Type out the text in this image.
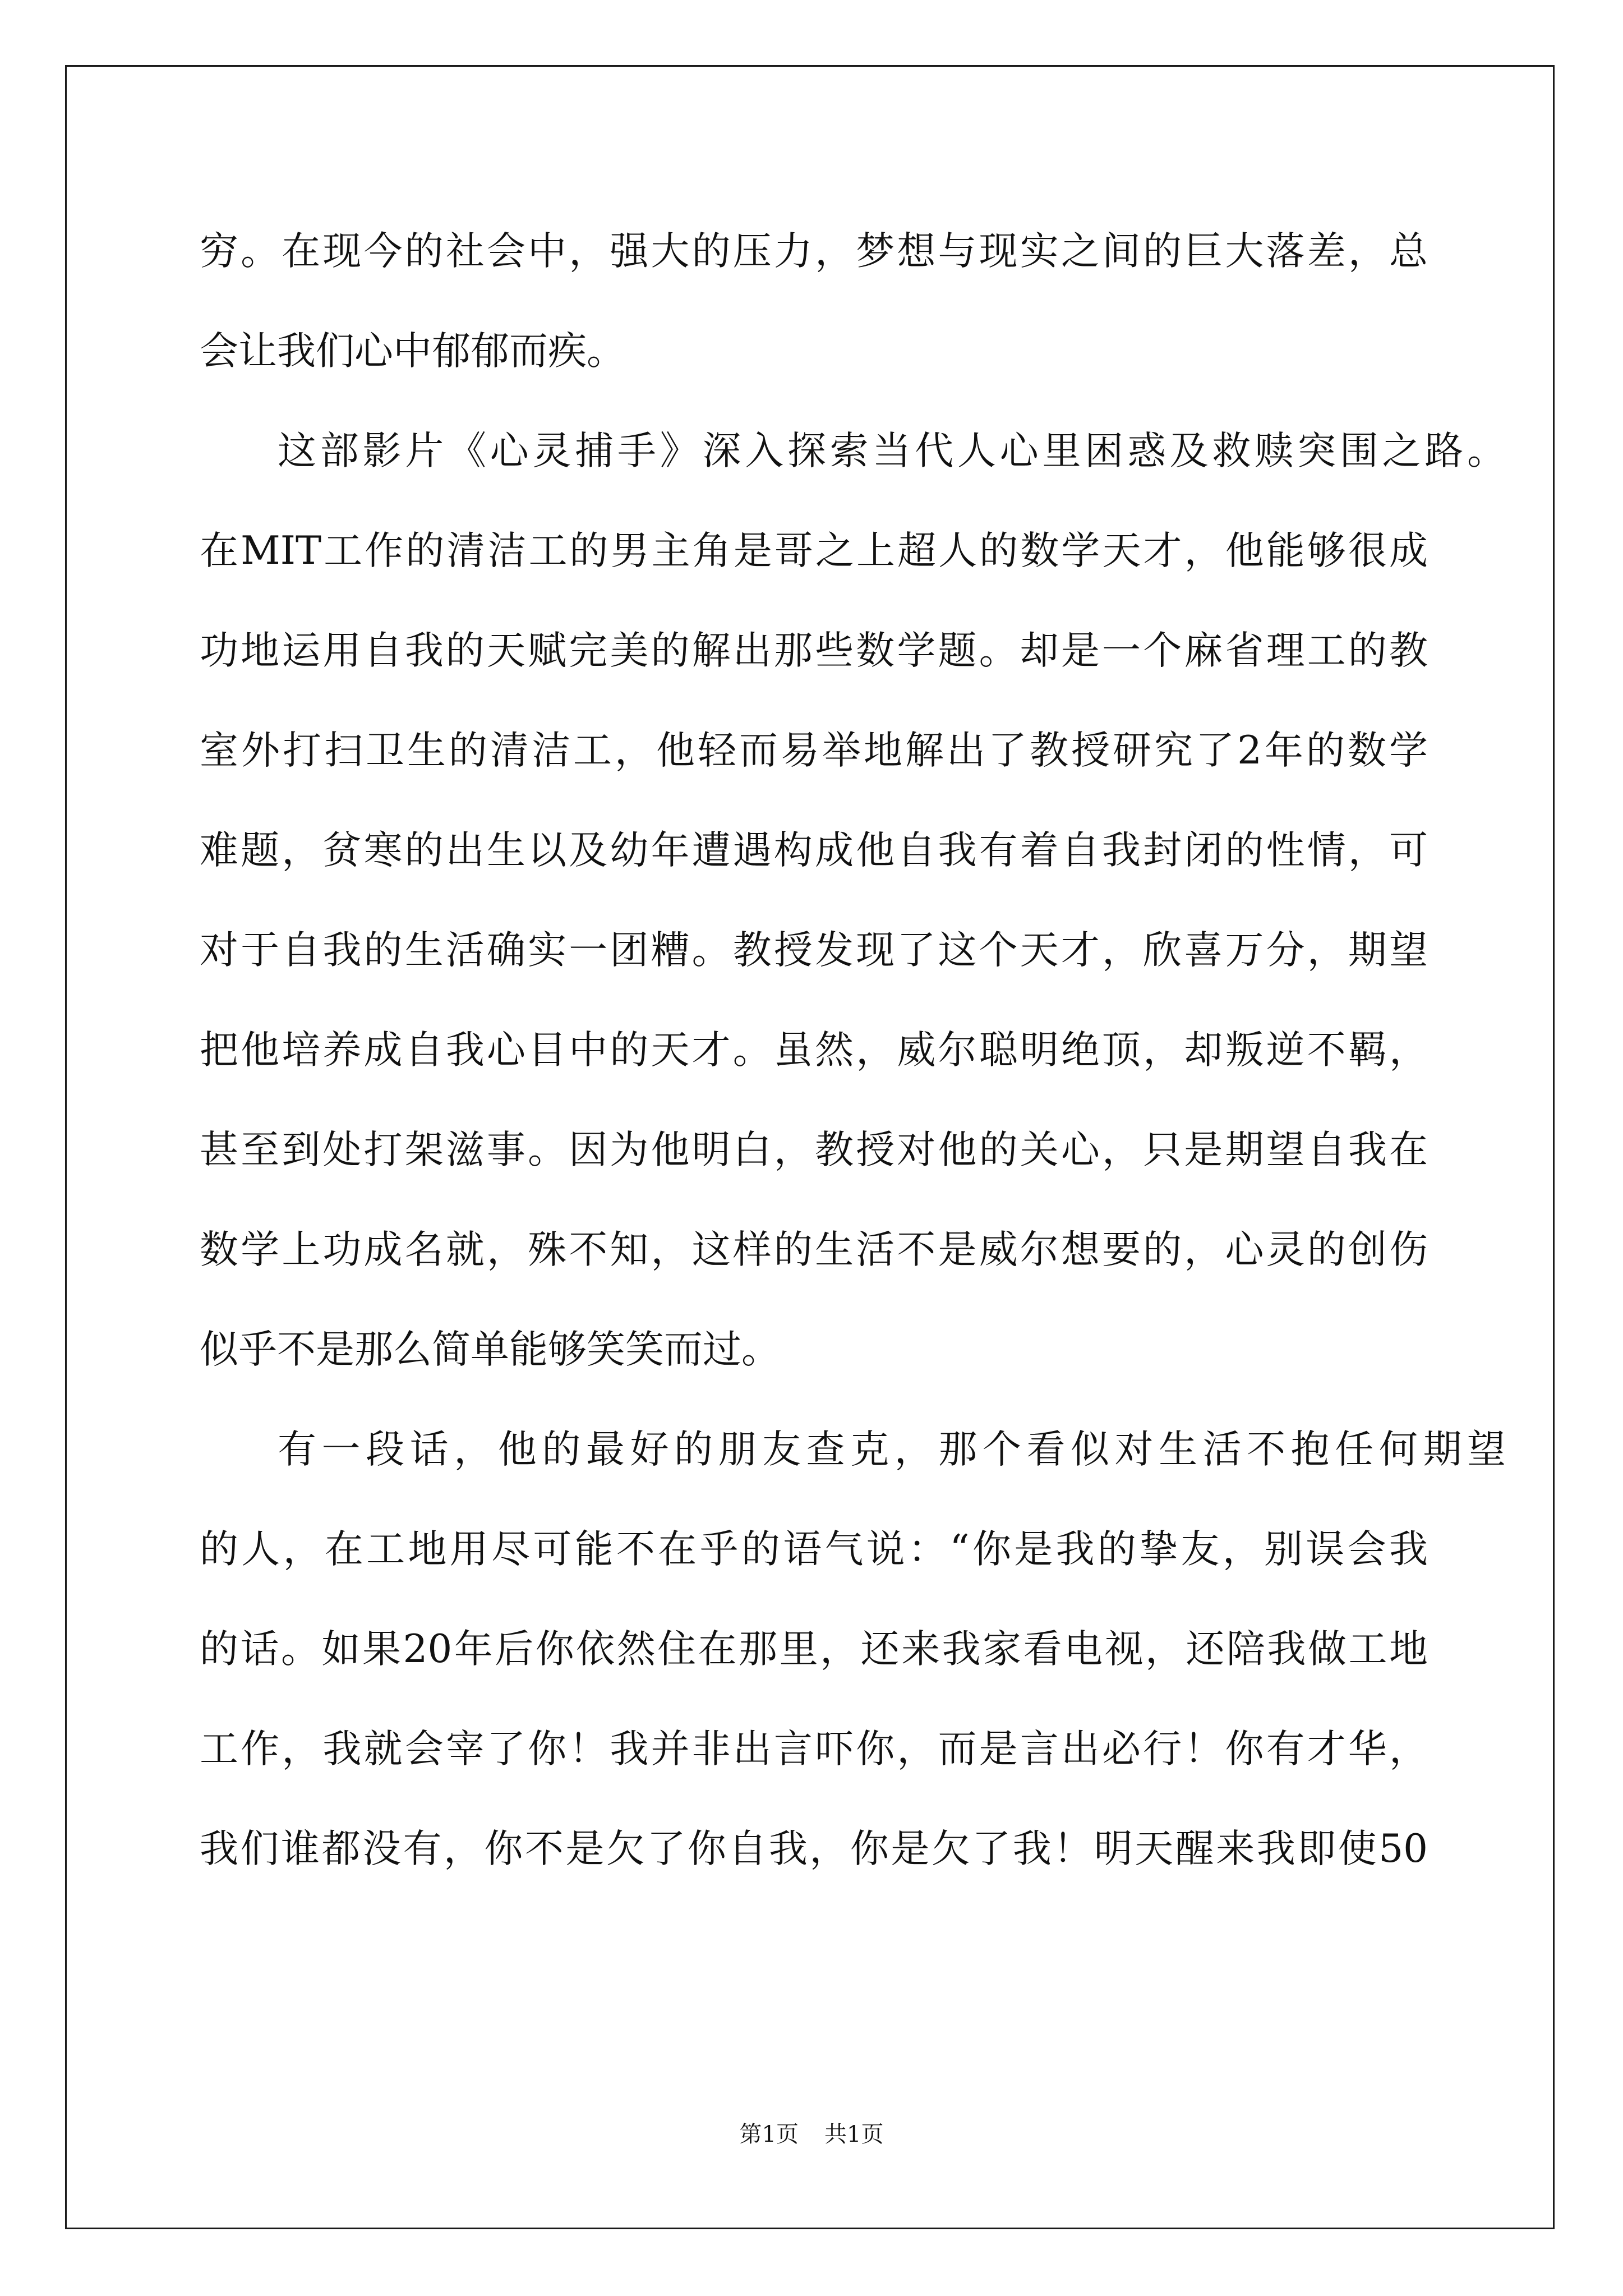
穷。在现今的社会中，强大的压力，梦想与现实之间的巨大落差，总
会让我们心中郁郁而疾。
这部影片《心灵捕手》深入探索当代人心里困惑及救赎突围之路。
在MIT工作的清洁工的男主角是哥之上超人的数学天才，他能够很成
功地运用自我的天赋完美的解出那些数学题。却是一个麻省理工的教
室外打扫卫生的清洁工，他轻而易举地解出了教授研究了2年的数学
难题，贫寒的出生以及幼年遭遇构成他自我有着自我封闭的性情，可
对于自我的生活确实一团糟。教授发现了这个天才，欣喜万分，期望
把他培养成自我心目中的天才。虽然，威尔聪明绝顶，却叛逆不羁，
甚至到处打架滋事。因为他明白，教授对他的关心，只是期望自我在
数学上功成名就，殊不知，这样的生活不是威尔想要的，心灵的创伤
似乎不是那么简单能够笑笑而过。
有一段话，他的最好的朋友查克，那个看似对生活不抱任何期望
的人，在工地用尽可能不在乎的语气说：“你是我的挚友，别误会我
的话。如果20年后你依然住在那里，还来我家看电视，还陪我做工地
工作，我就会宰了你！我并非出言吓你，而是言出必行！你有才华，
我们谁都没有，你不是欠了你自我，你是欠了我！明天醒来我即使50
第1页 共1页
